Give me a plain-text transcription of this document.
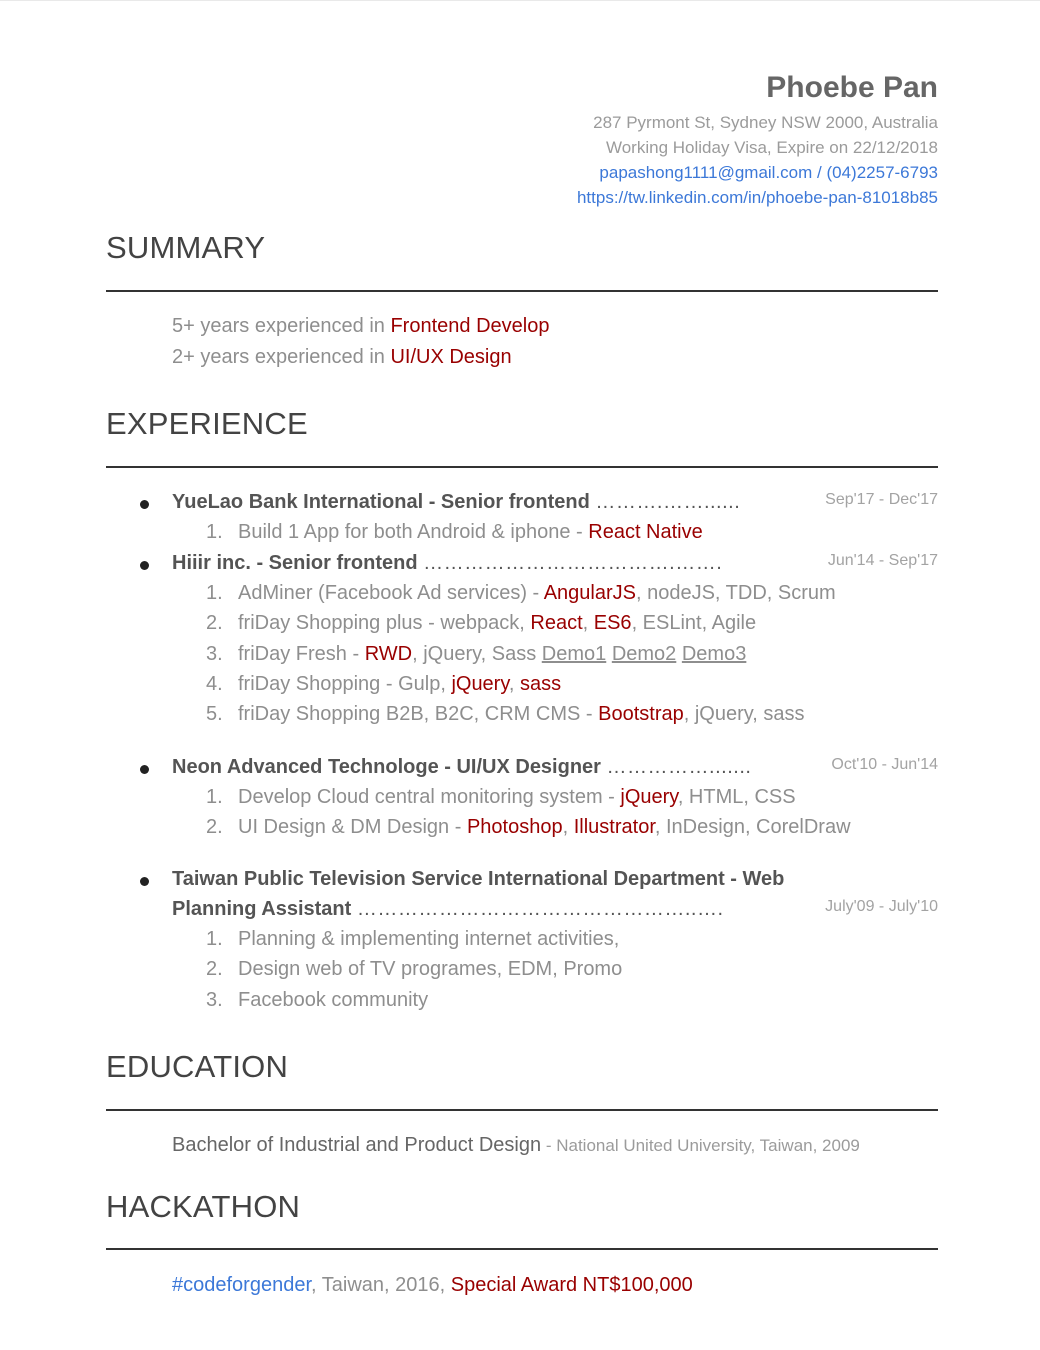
Phoebe Pan
287 Pyrmont St, Sydney NSW 2000, Australia
Working Holiday Visa, Expire on 22/12/2018
papashong1111@gmail.com / (04)2257-6793
https://tw.linkedin.com/in/phoebe-pan-81018b85
SUMMARY
5+ years experienced in Frontend Develop
2+ years experienced in UI/UX Design
EXPERIENCE
YueLao Bank International - Senior frontend ……….……......	Sep'17 - Dec'17
1. Build 1 App for both Android & iphone - React Native
Hiiir inc. - Senior frontend ……………………………….…….	Jun'14 - Sep'17
1. AdMiner (Facebook Ad services) - AngularJS, nodeJS, TDD, Scrum
2. friDay Shopping plus - webpack, React, ES6, ESLint, Agile
3. friDay Fresh - RWD, jQuery, Sass Demo1 Demo2 Demo3
4. friDay Shopping - Gulp, jQuery, sass
5. friDay Shopping B2B, B2C, CRM CMS - Bootstrap, jQuery, sass
Neon Advanced Technologe - UI/UX Designer …………….......	Oct'10 - Jun'14
1. Develop Cloud central monitoring system - jQuery, HTML, CSS
2. UI Design & DM Design - Photoshop, Illustrator, InDesign, CorelDraw
Taiwan Public Television Service International Department - Web
Planning Assistant …………………………………………..….	July'09 - July'10
1. Planning & implementing internet activities,
2. Design web of TV programes, EDM, Promo
3. Facebook community
EDUCATION
Bachelor of Industrial and Product Design - National United University, Taiwan, 2009
HACKATHON
#codeforgender, Taiwan, 2016, Special Award NT$100,000
